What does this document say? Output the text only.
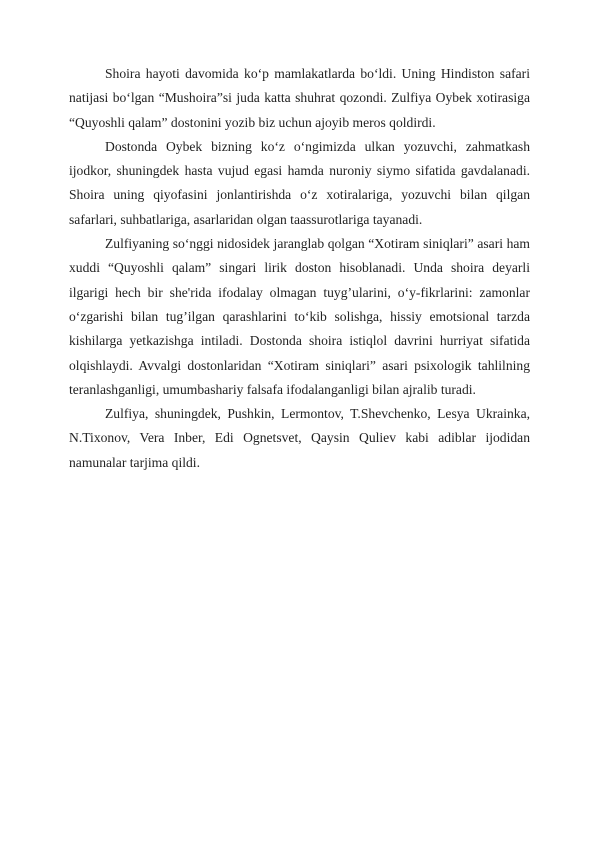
Shoira hayoti davomida ko‘p mamlakatlarda bo‘ldi. Uning Hindiston safari natijasi bo‘lgan “Mushoira”si juda katta shuhrat qozondi. Zulfiya Oybek xotirasiga “Quyoshli qalam” dostonini yozib biz uchun ajoyib meros qoldirdi.

Dostonda Oybek bizning ko‘z o‘ngimizda ulkan yozuvchi, zahmatkash ijodkor, shuningdek hasta vujud egasi hamda nuroniy siymo sifatida gavdalanadi. Shoira uning qiyofasini jonlantirishda o‘z xotiralariga, yozuvchi bilan qilgan safarlari, suhbatlariga, asarlaridan olgan taassurotlariga tayanadi.

Zulfiyaning so‘nggi nidosidek jaranglab qolgan “Xotiram siniqlari” asari ham xuddi “Quyoshli qalam” singari lirik doston hisoblanadi. Unda shoira deyarli ilgarigi hech bir she'rida ifodalay olmagan tuyg’ularini, o‘y-fikrlarini: zamonlar o‘zgarishi bilan tug’ilgan qarashlarini to‘kib solishga, hissiy emotsional tarzda kishilarga yetkazishga intiladi. Dostonda shoira istiqlol davrini hurriyat sifatida olqishlaydi. Avvalgi dostonlaridan “Xotiram siniqlari” asari psixologik tahlilning teranlashganligi, umumbashariy falsafa ifodalanganligi bilan ajralib turadi.

Zulfiya, shuningdek, Pushkin, Lermontov, T.Shevchenko, Lesya Ukrainka, N.Tixonov, Vera Inber, Edi Ognetsvet, Qaysin Quliev kabi adiblar ijodidan namunalar tarjima qildi.
